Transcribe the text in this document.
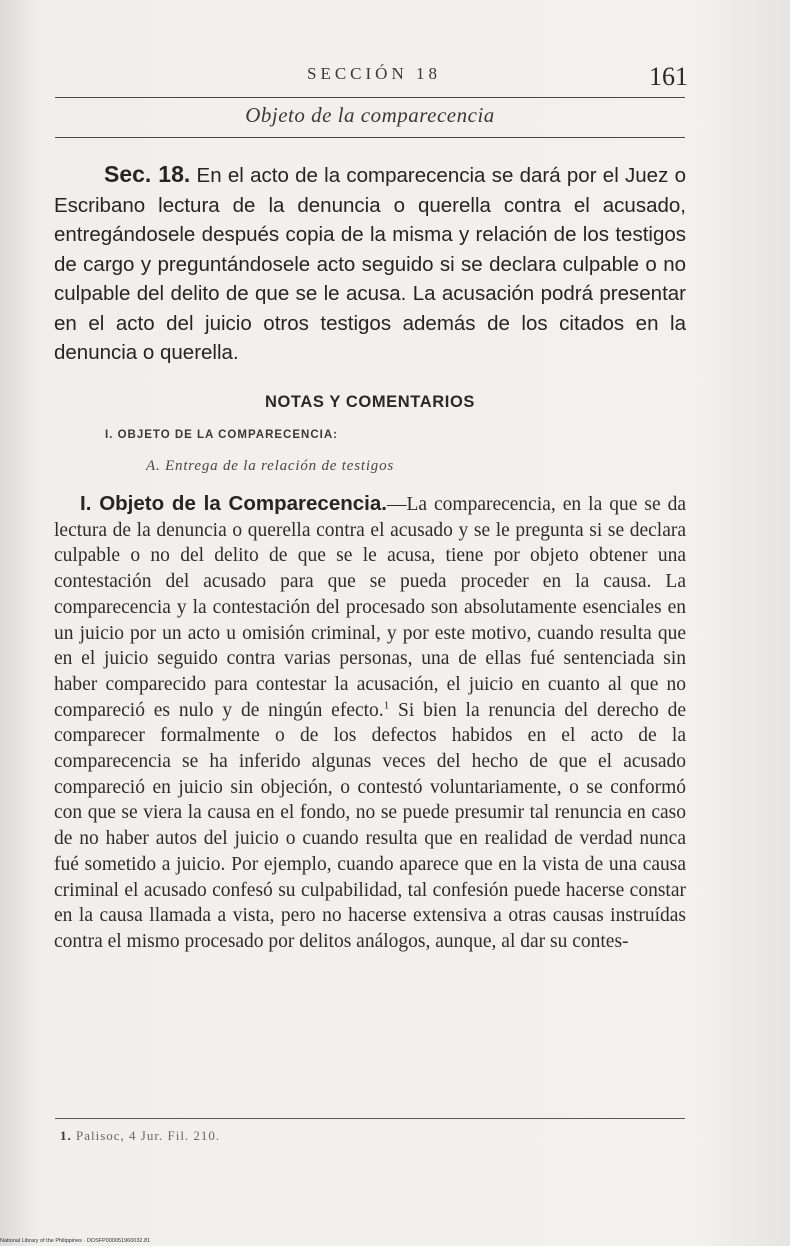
SECCIÓN 18	161
Objeto de la comparecencia
Sec. 18. En el acto de la comparecencia se dará por el Juez o Escribano lectura de la denuncia o querella contra el acusado, entregándosele después copia de la misma y relación de los testigos de cargo y preguntándosele acto seguido si se declara culpable o no culpable del delito de que se le acusa. La acusación podrá presentar en el acto del juicio otros testigos además de los citados en la denuncia o querella.
NOTAS Y COMENTARIOS
I. OBJETO DE LA COMPARECENCIA:
A. Entrega de la relación de testigos
I. Objeto de la Comparecencia.—La comparecencia, en la que se da lectura de la denuncia o querella contra el acusado y se le pregunta si se declara culpable o no del delito de que se le acusa, tiene por objeto obtener una contestación del acusado para que se pueda proceder en la causa. La comparecencia y la contestación del procesado son absolutamente esenciales en un juicio por un acto u omisión criminal, y por este motivo, cuando resulta que en el juicio seguido contra varias personas, una de ellas fué sentenciada sin haber comparecido para contestar la acusación, el juicio en cuanto al que no compareció es nulo y de ningún efecto.$^1$ Si bien la renuncia del derecho de comparecer formalmente o de los defectos habidos en el acto de la comparecencia se ha inferido algunas veces del hecho de que el acusado compareció en juicio sin objeción, o contestó voluntariamente, o se conformó con que se viera la causa en el fondo, no se puede presumir tal renuncia en caso de no haber autos del juicio o cuando resulta que en realidad de verdad nunca fué sometido a juicio. Por ejemplo, cuando aparece que en la vista de una causa criminal el acusado confesó su culpabilidad, tal confesión puede hacerse constar en la causa llamada a vista, pero no hacerse extensiva a otras causas instruídas contra el mismo procesado por delitos análogos, aunque, al dar su contes-
1. Palisoc, 4 Jur. Fil. 210.
National Library of the Philippines · DOSFP000051960032.81
